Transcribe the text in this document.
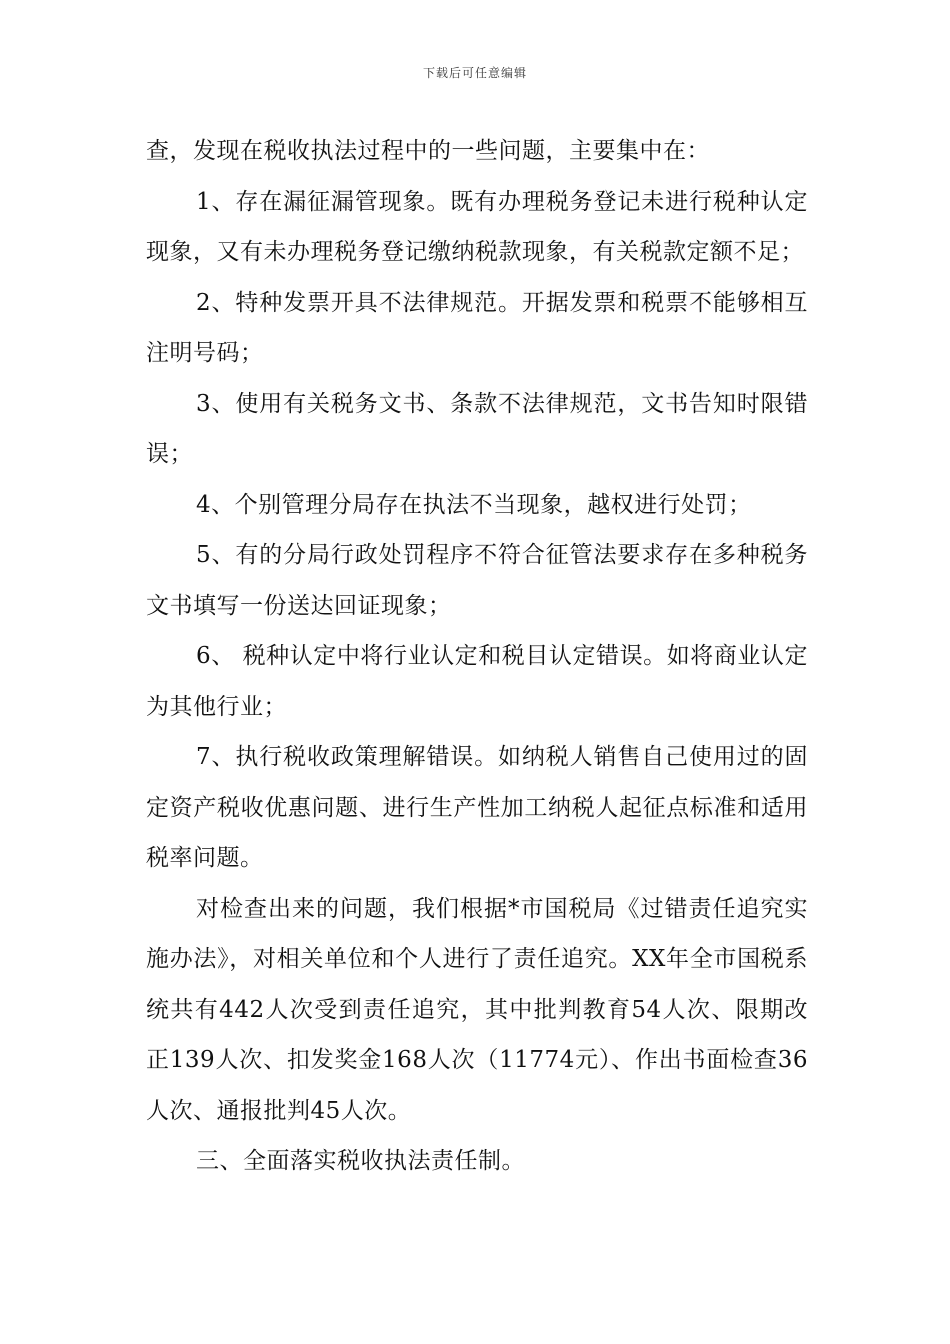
下载后可任意编辑

查，发现在税收执法过程中的一些问题，主要集中在：

1、存在漏征漏管现象。既有办理税务登记未进行税种认定现象，又有未办理税务登记缴纳税款现象，有关税款定额不足；

2、特种发票开具不法律规范。开据发票和税票不能够相互注明号码；

3、使用有关税务文书、条款不法律规范，文书告知时限错误；

4、个别管理分局存在执法不当现象，越权进行处罚；

5、有的分局行政处罚程序不符合征管法要求存在多种税务文书填写一份送达回证现象；

6、 税种认定中将行业认定和税目认定错误。如将商业认定为其他行业；

7、执行税收政策理解错误。如纳税人销售自己使用过的固定资产税收优惠问题、进行生产性加工纳税人起征点标准和适用税率问题。

对检查出来的问题，我们根据*市国税局《过错责任追究实施办法》，对相关单位和个人进行了责任追究。XX年全市国税系统共有442人次受到责任追究，其中批判教育54人次、限期改正139人次、扣发奖金168人次（11774元）、作出书面检查36人次、通报批判45人次。

三、全面落实税收执法责任制。
